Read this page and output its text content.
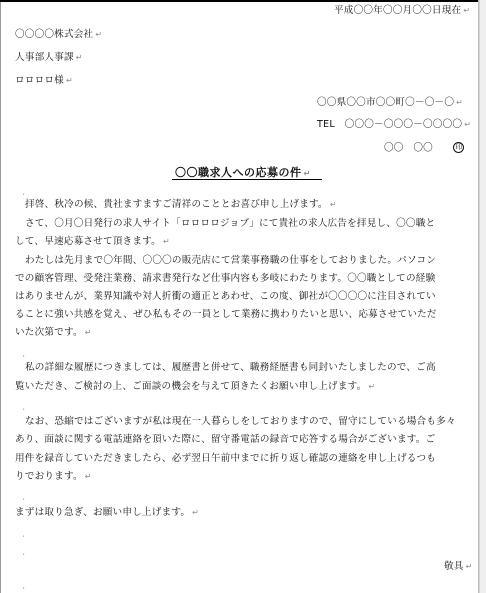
平成〇〇年〇〇月〇〇日現在 ↵
〇〇〇〇株式会社 ↵
人事部人事課 ↵
ロロロロ様 ↵
〇〇県〇〇市〇〇町〇－〇－〇 ↵
TEL　〇〇〇－〇〇〇－〇〇〇〇 ↵
〇〇　〇〇	印
〇〇職求人への応募の件 ↵
⸼
拝啓、秋冷の候、貴社ますますご清祥のこととお喜び申し上げます。 ↵
さて、〇月〇日発行の求人サイト「ロロロロジョブ」にて貴社の求人広告を拝見し、〇〇職と
して、早速応募させて頂きます。 ↵
わたしは先月まで〇年間、〇〇〇の販売店にて営業事務職の仕事をしておりました。パソコン
での顧客管理、受発注業務、請求書発行など仕事内容も多岐にわたります。〇〇職としての経験
はありませんが、業界知識や対人折衝の適正とあわせ、この度、御社が〇〇〇〇に注目されてい
ることに強い共感を覚え、ぜひ私もその一員として業務に携わりたいと思い、応募させていただ
いた次第です。 ↵
⸼
私の詳細な履歴につきましては、履歴書と併せて、職務経歴書も同封いたしましたので、ご高
覧いただき、ご検討の上、ご面談の機会を与えて頂きたくお願い申し上げます。 ↵
⸼
なお、恐縮ではございますが私は現在一人暮らしをしておりますので、留守にしている場合も多々
あり、面談に関する電話連絡を頂いた際に、留守番電話の録音で応答する場合がございます。ご
用件を録音していただきましたら、必ず翌日午前中までに折り返し確認の連絡を申し上げるつも
りでおります。 ↵
⸼
まずは取り急ぎ、お願い申し上げます。 ↵
⸼
⸼
敬具 ↵
⸼
